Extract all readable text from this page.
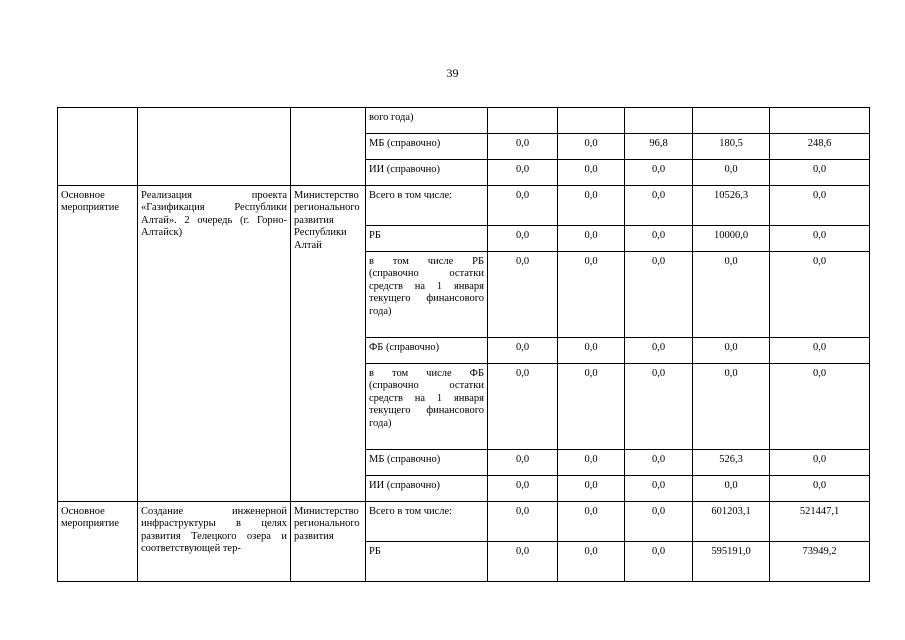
39
			вого года)					
			МБ (справочно)	0,0	0,0	96,8	180,5	248,6
			ИИ (справочно)	0,0	0,0	0,0	0,0	0,0
Основное мероприятие	Реализация проекта «Газификация Республики Алтай». 2 очередь (г. Горно-Алтайск)	Министерство регионального развития Республики Алтай	Всего в том числе:	0,0	0,0	0,0	10526,3	0,0
			РБ	0,0	0,0	0,0	10000,0	0,0
			в том числе РБ (справочно остатки средств на 1 января текущего финансового года)	0,0	0,0	0,0	0,0	0,0
			ФБ (справочно)	0,0	0,0	0,0	0,0	0,0
			в том числе ФБ (справочно остатки средств на 1 января текущего финансового года)	0,0	0,0	0,0	0,0	0,0
			МБ (справочно)	0,0	0,0	0,0	526,3	0,0
			ИИ (справочно)	0,0	0,0	0,0	0,0	0,0
Основное мероприятие	Создание инженерной инфраструктуры в целях развития Телецкого озера и соответствующей тер-	Министерство регионального развития	Всего в том числе:	0,0	0,0	0,0	601203,1	521447,1
			РБ	0,0	0,0	0,0	595191,0	73949,2
